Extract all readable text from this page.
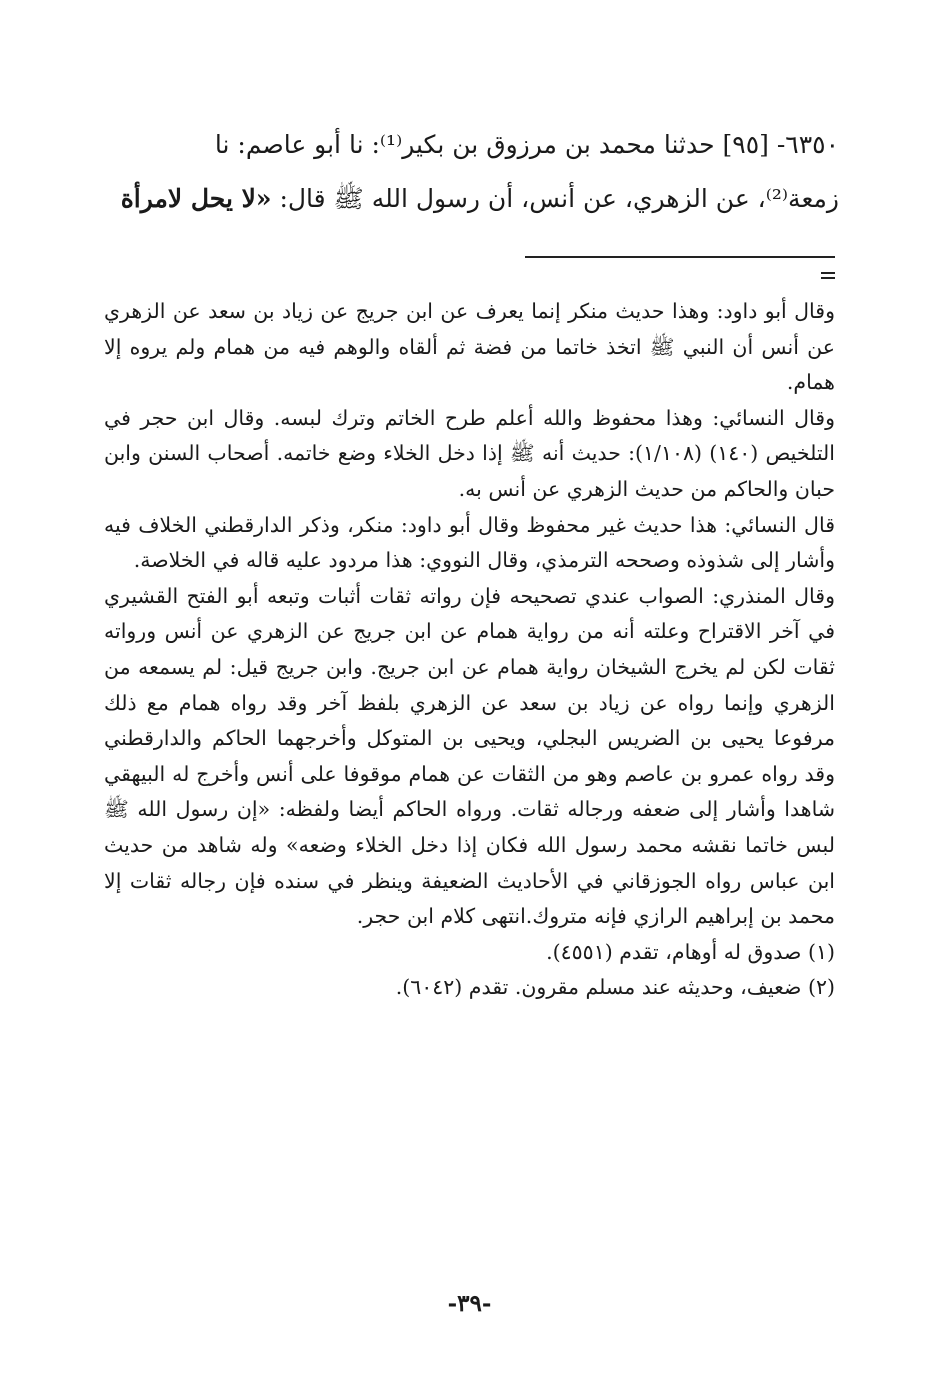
٦٣٥٠- [٩٥] حدثنا محمد بن مرزوق بن بكير⁽¹⁾: نا أبو عاصم: نا
زمعة⁽²⁾، عن الزهري، عن أنس، أن رسول الله ﷺ قال: «لا يحل لامرأة

وقال أبو داود: وهذا حديث منكر إنما يعرف عن ابن جريج عن زياد بن سعد عن الزهري عن أنس أن النبي ﷺ اتخذ خاتما من فضة ثم ألقاه والوهم فيه من همام ولم يروه إلا همام.

وقال النسائي: وهذا محفوظ والله أعلم طرح الخاتم وترك لبسه. وقال ابن حجر في التلخيص (١٤٠) (١/١٠٨): حديث أنه ﷺ إذا دخل الخلاء وضع خاتمه. أصحاب السنن وابن حبان والحاكم من حديث الزهري عن أنس به.

قال النسائي: هذا حديث غير محفوظ وقال أبو داود: منكر، وذكر الدارقطني الخلاف فيه وأشار إلى شذوذه وصححه الترمذي، وقال النووي: هذا مردود عليه قاله في الخلاصة.

وقال المنذري: الصواب عندي تصحيحه فإن رواته ثقات أثبات وتبعه أبو الفتح القشيري في آخر الاقتراح وعلته أنه من رواية همام عن ابن جريج عن الزهري عن أنس ورواته ثقات لكن لم يخرج الشيخان رواية همام عن ابن جريج. وابن جريج قيل: لم يسمعه من الزهري وإنما رواه عن زياد بن سعد عن الزهري بلفظ آخر وقد رواه همام مع ذلك مرفوعا يحيى بن الضريس البجلي، ويحيى بن المتوكل وأخرجهما الحاكم والدارقطني وقد رواه عمرو بن عاصم وهو من الثقات عن همام موقوفا على أنس وأخرج له البيهقي شاهدا وأشار إلى ضعفه ورجاله ثقات. ورواه الحاكم أيضا ولفظه: «إن رسول الله ﷺ لبس خاتما نقشه محمد رسول الله فكان إذا دخل الخلاء وضعه» وله شاهد من حديث ابن عباس رواه الجوزقاني في الأحاديث الضعيفة وينظر في سنده فإن رجاله ثقات إلا محمد بن إبراهيم الرازي فإنه متروك.انتهى كلام ابن حجر.

(١) صدوق له أوهام، تقدم (٤٥٥١).

(٢) ضعيف، وحديثه عند مسلم مقرون. تقدم (٦٠٤٢).

-٣٩-
